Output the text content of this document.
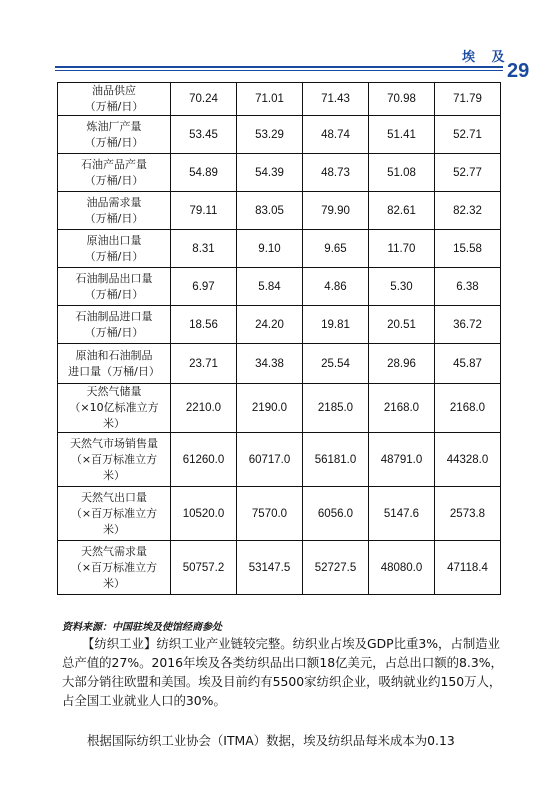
埃 及
29
油品供应
（万桶/日）	70.24	71.01	71.43	70.98	71.79

炼油厂产量
（万桶/日）	53.45	53.29	48.74	51.41	52.71

石油产品产量
（万桶/日）	54.89	54.39	48.73	51.08	52.77

油品需求量
（万桶/日）	79.11	83.05	79.90	82.61	82.32

原油出口量
（万桶/日）	8.31	9.10	9.65	11.70	15.58

石油制品出口量
（万桶/日）	6.97	5.84	4.86	5.30	6.38

石油制品进口量
（万桶/日）	18.56	24.20	19.81	20.51	36.72

原油和石油制品
进口量（万桶/日）	23.71	34.38	25.54	28.96	45.87

天然气储量
（×10亿标准立方
米）	2210.0	2190.0	2185.0	2168.0	2168.0

天然气市场销售量
（×百万标准立方
米）	61260.0	60717.0	56181.0	48791.0	44328.0

天然气出口量
（×百万标准立方
米）	10520.0	7570.0	6056.0	5147.6	2573.8

天然气需求量
（×百万标准立方
米）	50757.2	53147.5	52727.5	48080.0	47118.4
资料来源：中国驻埃及使馆经商参处
【纺织工业】纺织工业产业链较完整。纺织业占埃及GDP比重3%，占制造业总产值的27%。2016年埃及各类纺织品出口额18亿美元，占总出口额的8.3%，大部分销往欧盟和美国。埃及目前约有5500家纺织企业，吸纳就业约150万人，占全国工业就业人口的30%。
根据国际纺织工业协会（ITMA）数据，埃及纺织品每米成本为0.13
